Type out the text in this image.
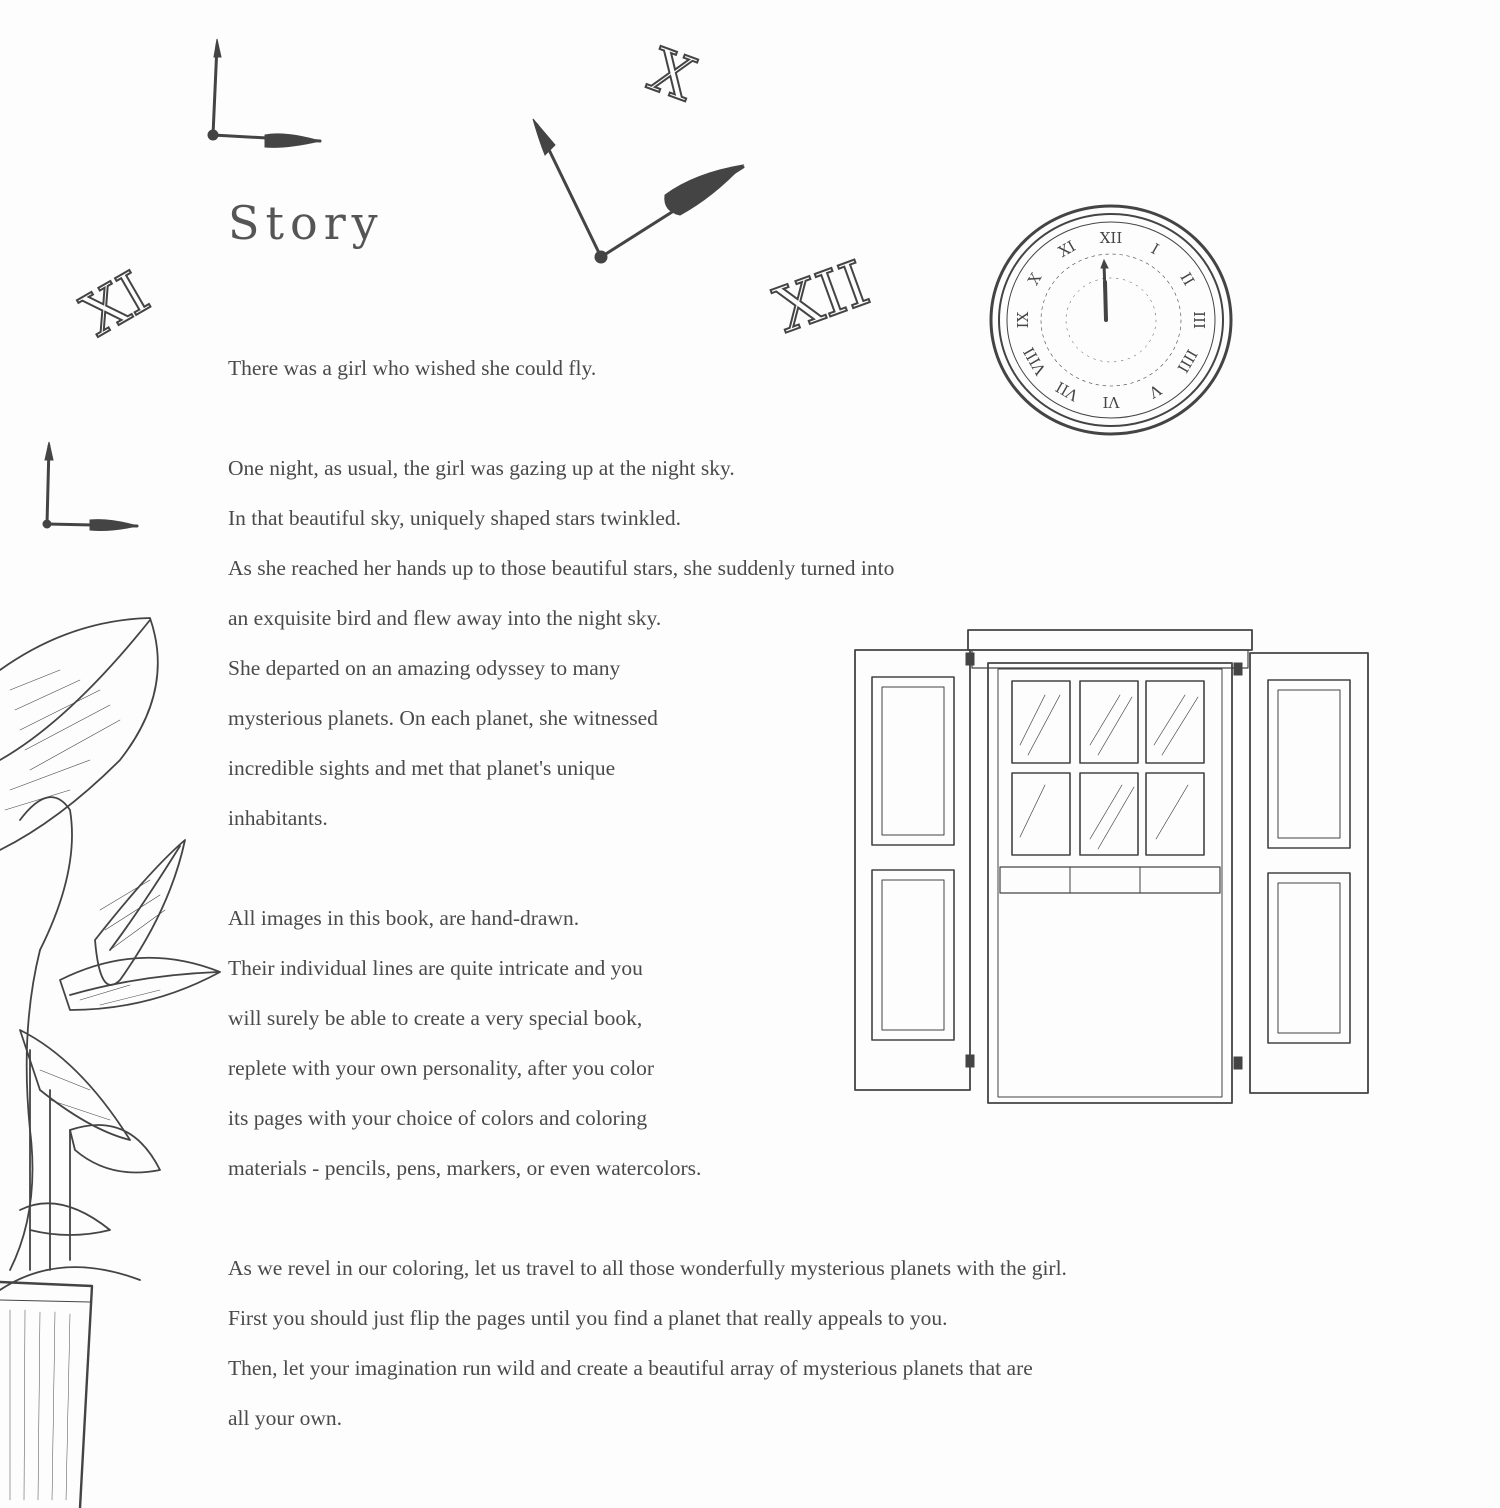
Story
There was a girl who wished she could fly.
One night, as usual, the girl was gazing up at the night sky.
In that beautiful sky, uniquely shaped stars twinkled.
As she reached her hands up to those beautiful stars, she suddenly turned into
an exquisite bird and flew away into the night sky.
She departed on an amazing odyssey to many
mysterious planets. On each planet, she witnessed
incredible sights and met that planet's unique
inhabitants.
All images in this book, are hand-drawn.
Their individual lines are quite intricate and you
will surely be able to create a very special book,
replete with your own personality, after you color
its pages with your choice of colors and coloring
materials - pencils, pens, markers, or even watercolors.
As we revel in our coloring, let us travel to all those wonderfully mysterious planets with the girl.
First you should just flip the pages until you find a planet that really appeals to you.
Then, let your imagination run wild and create a beautiful array of mysterious planets that are
all your own.
X
XII
XI
XII
I
II
III
IIII
V
VI
VII
VIII
IX
X
XI
